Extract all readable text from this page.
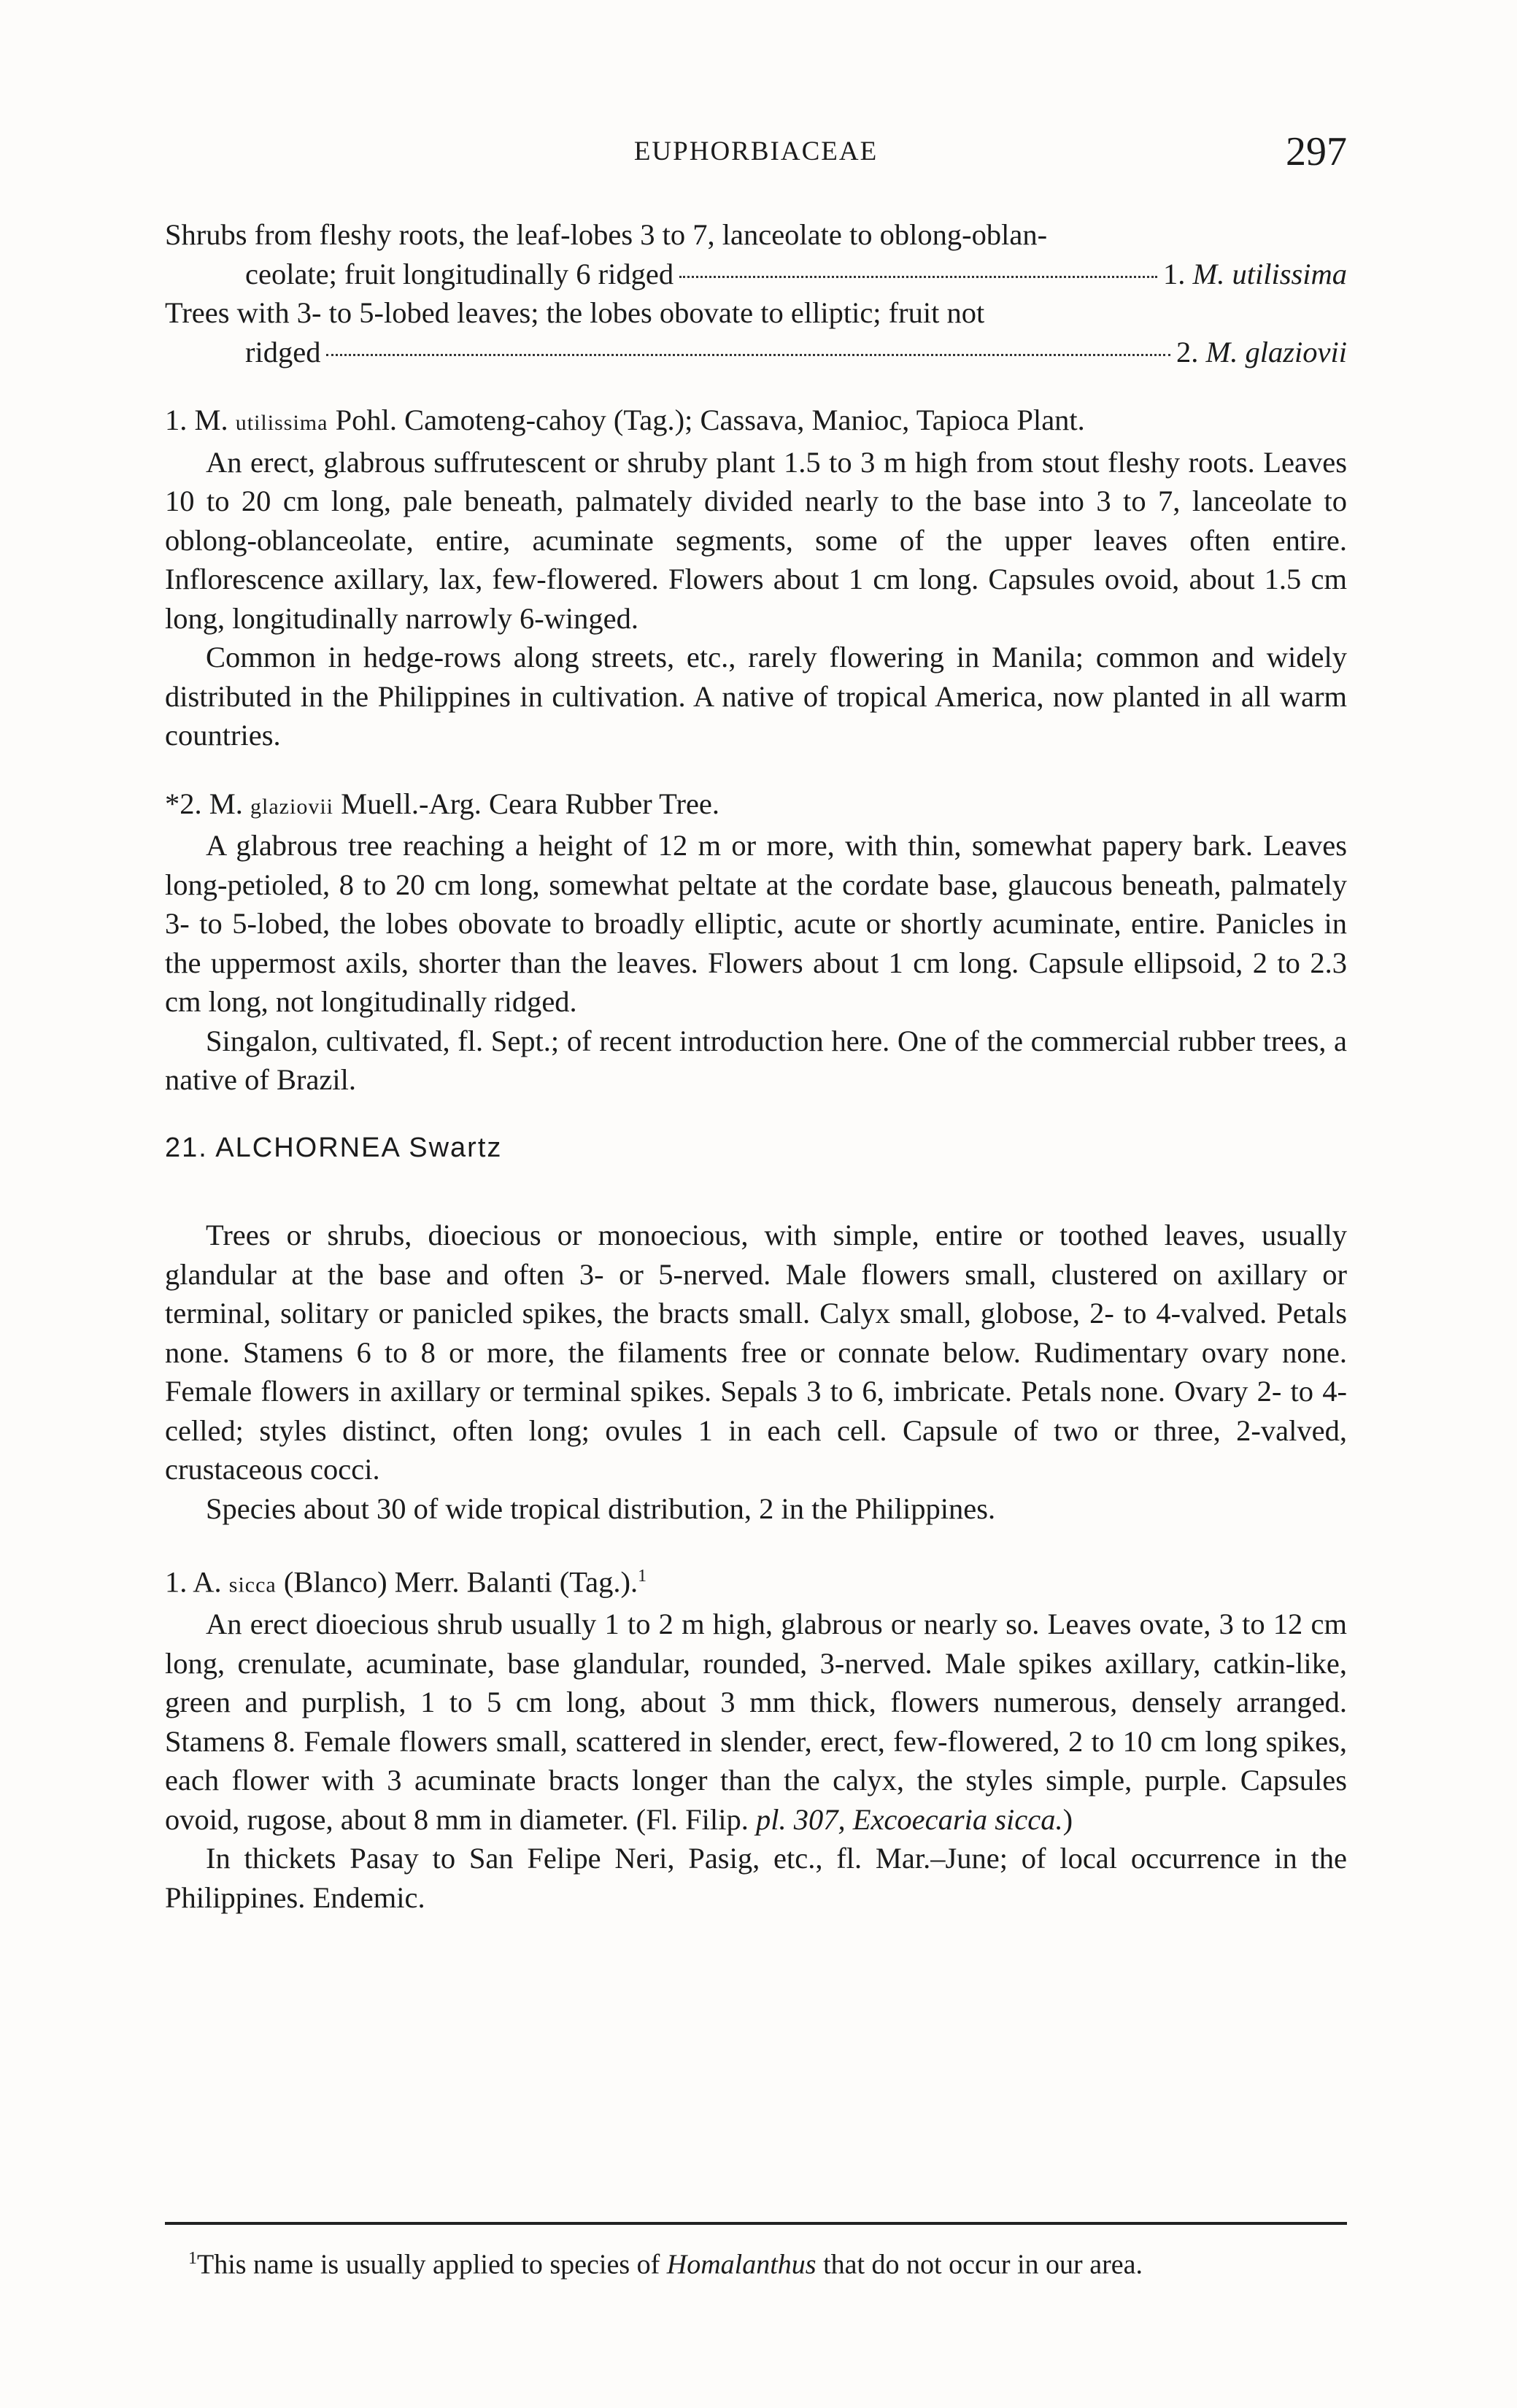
EUPHORBIACEAE	297

Shrubs from fleshy roots, the leaf-lobes 3 to 7, lanceolate to oblong-oblan-

ceolate; fruit longitudinally 6 ridged	1. M. utilissima

Trees with 3- to 5-lobed leaves; the lobes obovate to elliptic; fruit not

ridged	2. M. glaziovii

1. M. utilissima Pohl. Camoteng-cahoy (Tag.); Cassava, Manioc, Tapioca Plant.

An erect, glabrous suffrutescent or shruby plant 1.5 to 3 m high from stout fleshy roots. Leaves 10 to 20 cm long, pale beneath, palmately divided nearly to the base into 3 to 7, lanceolate to oblong-oblanceolate, entire, acuminate segments, some of the upper leaves often entire. Inflorescence axillary, lax, few-flowered. Flowers about 1 cm long. Capsules ovoid, about 1.5 cm long, longitudinally narrowly 6-winged.

Common in hedge-rows along streets, etc., rarely flowering in Manila; common and widely distributed in the Philippines in cultivation. A native of tropical America, now planted in all warm countries.

*2. M. glaziovii Muell.-Arg. Ceara Rubber Tree.

A glabrous tree reaching a height of 12 m or more, with thin, somewhat papery bark. Leaves long-petioled, 8 to 20 cm long, somewhat peltate at the cordate base, glaucous beneath, palmately 3- to 5-lobed, the lobes obovate to broadly elliptic, acute or shortly acuminate, entire. Panicles in the uppermost axils, shorter than the leaves. Flowers about 1 cm long. Capsule ellipsoid, 2 to 2.3 cm long, not longitudinally ridged.

Singalon, cultivated, fl. Sept.; of recent introduction here. One of the commercial rubber trees, a native of Brazil.

21. ALCHORNEA Swartz

Trees or shrubs, dioecious or monoecious, with simple, entire or toothed leaves, usually glandular at the base and often 3- or 5-nerved. Male flowers small, clustered on axillary or terminal, solitary or panicled spikes, the bracts small. Calyx small, globose, 2- to 4-valved. Petals none. Stamens 6 to 8 or more, the filaments free or connate below. Rudimentary ovary none. Female flowers in axillary or terminal spikes. Sepals 3 to 6, imbricate. Petals none. Ovary 2- to 4-celled; styles distinct, often long; ovules 1 in each cell. Capsule of two or three, 2-valved, crustaceous cocci.

Species about 30 of wide tropical distribution, 2 in the Philippines.

1. A. sicca (Blanco) Merr. Balanti (Tag.).$^1$

An erect dioecious shrub usually 1 to 2 m high, glabrous or nearly so. Leaves ovate, 3 to 12 cm long, crenulate, acuminate, base glandular, rounded, 3-nerved. Male spikes axillary, catkin-like, green and purplish, 1 to 5 cm long, about 3 mm thick, flowers numerous, densely arranged. Stamens 8. Female flowers small, scattered in slender, erect, few-flowered, 2 to 10 cm long spikes, each flower with 3 acuminate bracts longer than the calyx, the styles simple, purple. Capsules ovoid, rugose, about 8 mm in diameter. (Fl. Filip. pl. 307, Excoecaria sicca.)

In thickets Pasay to San Felipe Neri, Pasig, etc., fl. Mar.–June; of local occurrence in the Philippines. Endemic.

$^1$This name is usually applied to species of Homalanthus that do not occur in our area.
